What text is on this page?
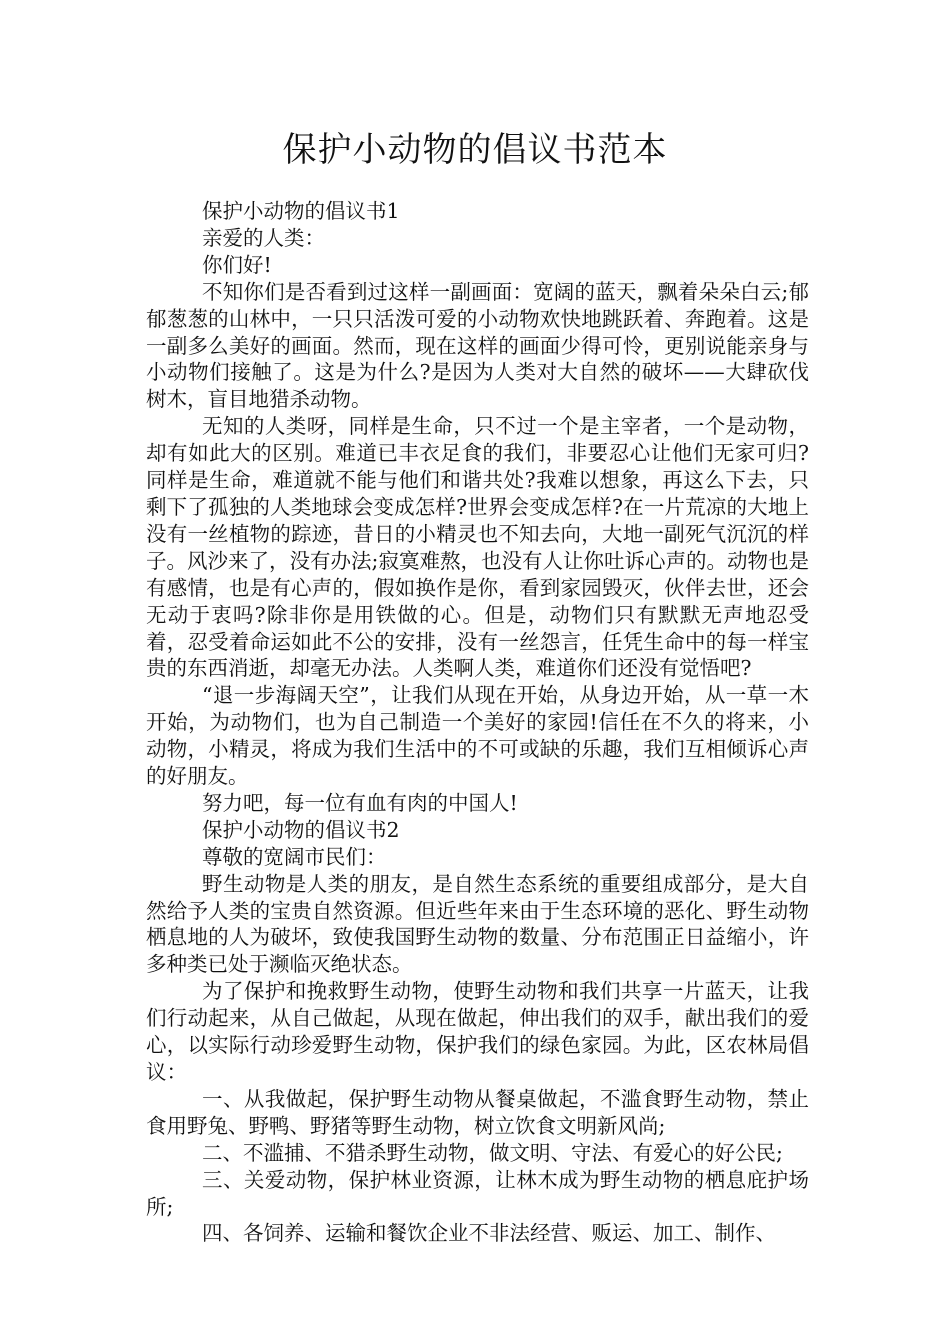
保护小动物的倡议书范本

保护小动物的倡议书1

亲爱的人类：

你们好!

不知你们是否看到过这样一副画面：宽阔的蓝天，飘着朵朵白云;郁郁葱葱的山林中，一只只活泼可爱的小动物欢快地跳跃着、奔跑着。这是一副多么美好的画面。然而，现在这样的画面少得可怜，更别说能亲身与小动物们接触了。这是为什么?是因为人类对大自然的破坏——大肆砍伐树木，盲目地猎杀动物。

无知的人类呀，同样是生命，只不过一个是主宰者，一个是动物，却有如此大的区别。难道已丰衣足食的我们，非要忍心让他们无家可归?同样是生命，难道就不能与他们和谐共处?我难以想象，再这么下去，只剩下了孤独的人类地球会变成怎样?世界会变成怎样?在一片荒凉的大地上没有一丝植物的踪迹，昔日的小精灵也不知去向，大地一副死气沉沉的样子。风沙来了，没有办法;寂寞难熬，也没有人让你吐诉心声的。动物也是有感情，也是有心声的，假如换作是你，看到家园毁灭，伙伴去世，还会无动于衷吗?除非你是用铁做的心。但是，动物们只有默默无声地忍受着，忍受着命运如此不公的安排，没有一丝怨言，任凭生命中的每一样宝贵的东西消逝，却毫无办法。人类啊人类，难道你们还没有觉悟吧?

“退一步海阔天空”，让我们从现在开始，从身边开始，从一草一木开始，为动物们，也为自己制造一个美好的家园!信任在不久的将来，小动物，小精灵，将成为我们生活中的不可或缺的乐趣，我们互相倾诉心声的好朋友。

努力吧，每一位有血有肉的中国人!

保护小动物的倡议书2

尊敬的宽阔市民们：

野生动物是人类的朋友，是自然生态系统的重要组成部分，是大自然给予人类的宝贵自然资源。但近些年来由于生态环境的恶化、野生动物栖息地的人为破坏，致使我国野生动物的数量、分布范围正日益缩小，许多种类已处于濒临灭绝状态。

为了保护和挽救野生动物，使野生动物和我们共享一片蓝天，让我们行动起来，从自己做起，从现在做起，伸出我们的双手，献出我们的爱心，以实际行动珍爱野生动物，保护我们的绿色家园。为此，区农林局倡议：

一、从我做起，保护野生动物从餐桌做起，不滥食野生动物，禁止食用野兔、野鸭、野猪等野生动物，树立饮食文明新风尚;

二、不滥捕、不猎杀野生动物，做文明、守法、有爱心的好公民;

三、关爱动物，保护林业资源，让林木成为野生动物的栖息庇护场所;

四、各饲养、运输和餐饮企业不非法经营、贩运、加工、制作、
